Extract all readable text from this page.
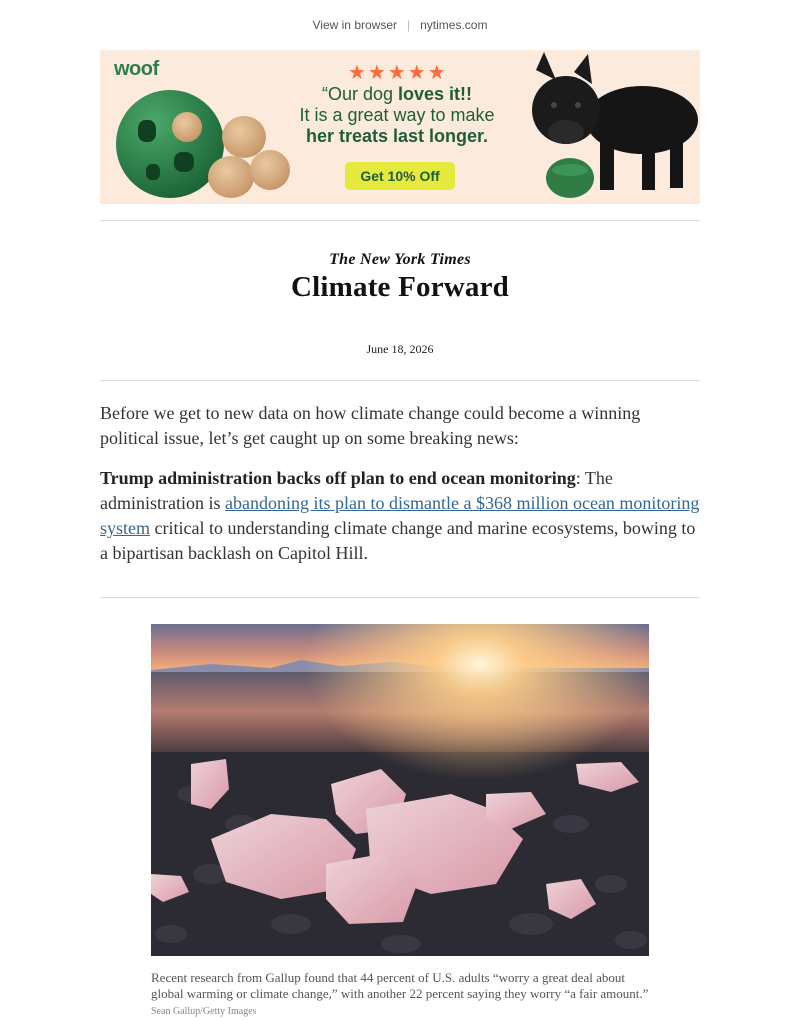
View in browser | nytimes.com
woof	★★★★★
“Our dog loves it!!
It is a great way to make
her treats last longer.
Get 10% Off
The New York Times
Climate Forward
June 18, 2026

Before we get to new data on how climate change could become a winning political issue, let’s get caught up on some breaking news:

Trump administration backs off plan to end ocean monitoring: The administration is abandoning its plan to dismantle a $368 million ocean monitoring system critical to understanding climate change and marine ecosystems, bowing to a bipartisan backlash on Capitol Hill.

Recent research from Gallup found that 44 percent of U.S. adults “worry a great deal about global warming or climate change,” with another 22 percent saying they worry “a fair amount.” Sean Gallup/Getty Images
